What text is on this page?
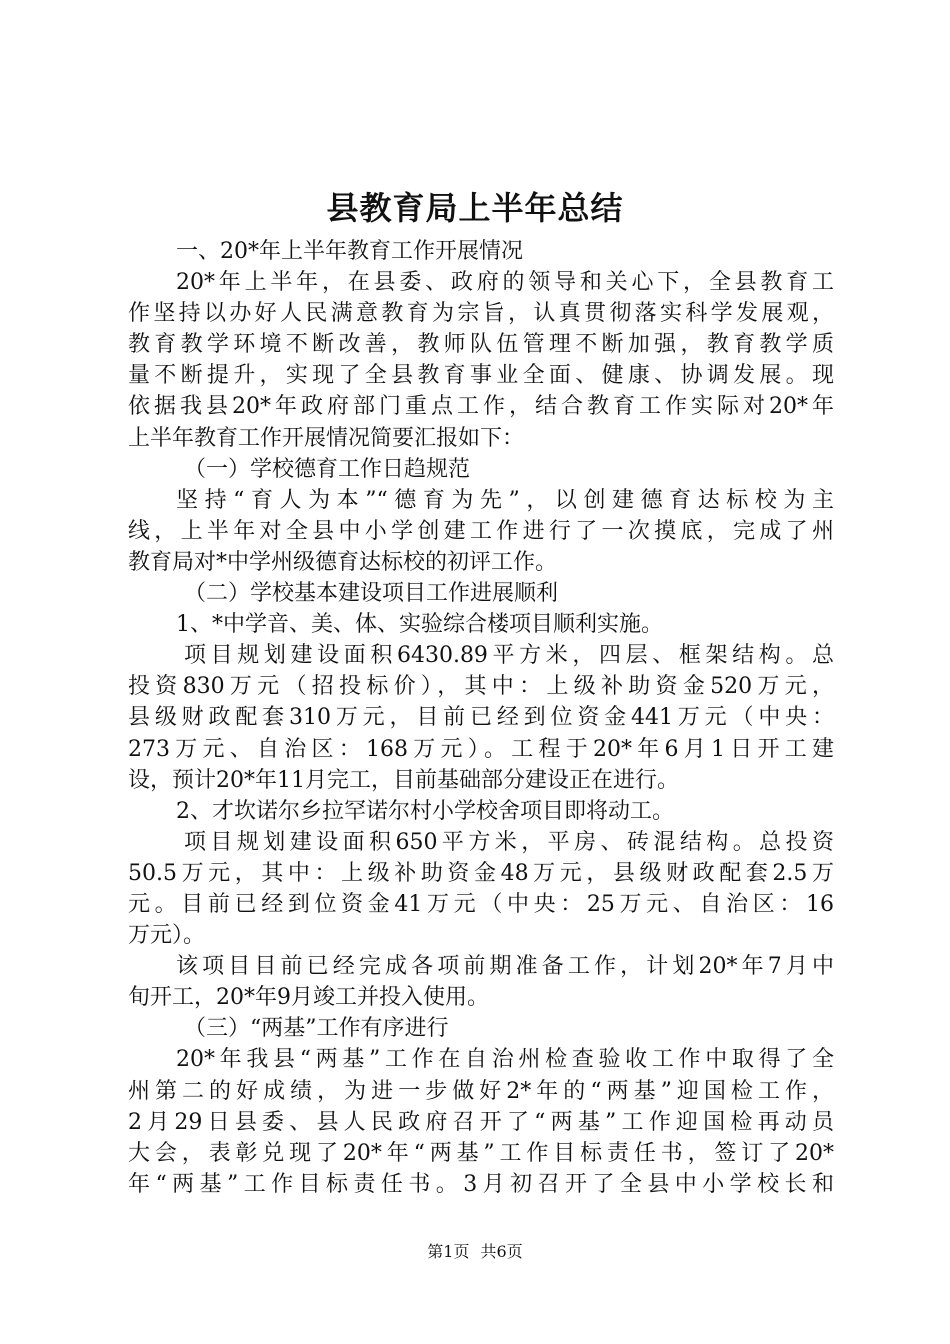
县教育局上半年总结
一、20*年上半年教育工作开展情况
20*年上半年，在县委、政府的领导和关心下，全县教育工
作坚持以办好人民满意教育为宗旨，认真贯彻落实科学发展观，
教育教学环境不断改善，教师队伍管理不断加强，教育教学质
量不断提升，实现了全县教育事业全面、健康、协调发展。现
依据我县20*年政府部门重点工作，结合教育工作实际对20*年
上半年教育工作开展情况简要汇报如下：
（一）学校德育工作日趋规范
坚持“育人为本”“德育为先”，以创建德育达标校为主
线，上半年对全县中小学创建工作进行了一次摸底，完成了州
教育局对*中学州级德育达标校的初评工作。
（二）学校基本建设项目工作进展顺利
1、*中学音、美、体、实验综合楼项目顺利实施。
项目规划建设面积6430.89平方米，四层、框架结构。总
投资830万元（招投标价），其中：上级补助资金520万元，
县级财政配套310万元，目前已经到位资金441万元（中央：
273万元、自治区：168万元）。工程于20*年6月1日开工建
设，预计20*年11月完工，目前基础部分建设正在进行。
2、才坎诺尔乡拉罕诺尔村小学校舍项目即将动工。
项目规划建设面积650平方米，平房、砖混结构。总投资
50.5万元，其中：上级补助资金48万元，县级财政配套2.5万
元。目前已经到位资金41万元（中央：25万元、自治区：16
万元）。
该项目目前已经完成各项前期准备工作，计划20*年7月中
旬开工，20*年9月竣工并投入使用。
（三）“两基”工作有序进行
20*年我县“两基”工作在自治州检查验收工作中取得了全
州第二的好成绩，为进一步做好2*年的“两基”迎国检工作，
2月29日县委、县人民政府召开了“两基”工作迎国检再动员
大会，表彰兑现了20*年“两基”工作目标责任书，签订了20*
年“两基”工作目标责任书。3月初召开了全县中小学校长和
第1页 共6页
